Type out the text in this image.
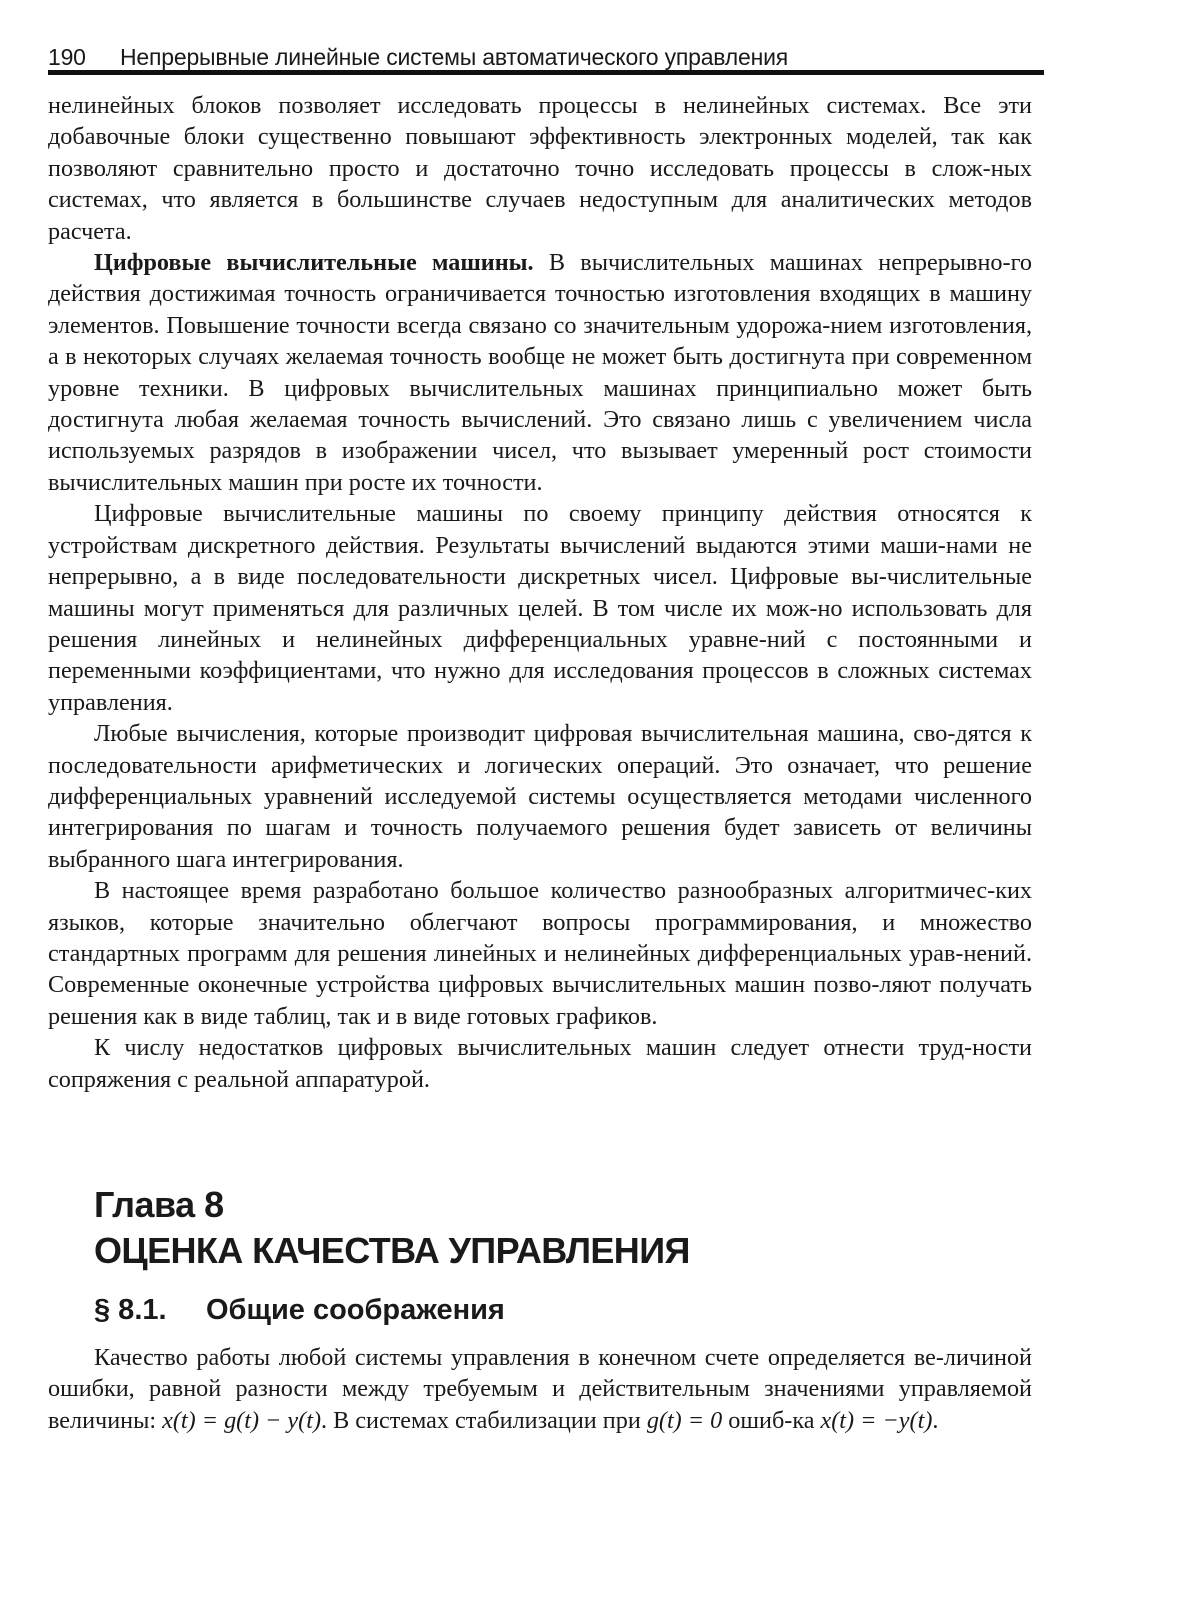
190 Непрерывные линейные системы автоматического управления

нелинейных блоков позволяет исследовать процессы в нелинейных системах. Все эти добавочные блоки существенно повышают эффективность электронных моделей, так как позволяют сравнительно просто и достаточно точно исследовать процессы в слож-ных системах, что является в большинстве случаев недоступным для аналитических методов расчета.

Цифровые вычислительные машины. В вычислительных машинах непрерывно-го действия достижимая точность ограничивается точностью изготовления входящих в машину элементов. Повышение точности всегда связано со значительным удорожа-нием изготовления, а в некоторых случаях желаемая точность вообще не может быть достигнута при современном уровне техники. В цифровых вычислительных машинах принципиально может быть достигнута любая желаемая точность вычислений. Это связано лишь с увеличением числа используемых разрядов в изображении чисел, что вызывает умеренный рост стоимости вычислительных машин при росте их точности.

Цифровые вычислительные машины по своему принципу действия относятся к устройствам дискретного действия. Результаты вычислений выдаются этими маши-нами не непрерывно, а в виде последовательности дискретных чисел. Цифровые вы-числительные машины могут применяться для различных целей. В том числе их мож-но использовать для решения линейных и нелинейных дифференциальных уравне-ний с постоянными и переменными коэффициентами, что нужно для исследования процессов в сложных системах управления.

Любые вычисления, которые производит цифровая вычислительная машина, сво-дятся к последовательности арифметических и логических операций. Это означает, что решение дифференциальных уравнений исследуемой системы осуществляется методами численного интегрирования по шагам и точность получаемого решения будет зависеть от величины выбранного шага интегрирования.

В настоящее время разработано большое количество разнообразных алгоритмичес-ких языков, которые значительно облегчают вопросы программирования, и множество стандартных программ для решения линейных и нелинейных дифференциальных урав-нений. Современные оконечные устройства цифровых вычислительных машин позво-ляют получать решения как в виде таблиц, так и в виде готовых графиков.

К числу недостатков цифровых вычислительных машин следует отнести труд-ности сопряжения с реальной аппаратурой.

Глава 8
ОЦЕНКА КАЧЕСТВА УПРАВЛЕНИЯ
§ 8.1. Общие соображения

Качество работы любой системы управления в конечном счете определяется ве-личиной ошибки, равной разности между требуемым и действительным значениями управляемой величины: x(t) = g(t) − y(t). В системах стабилизации при g(t) = 0 ошиб-ка x(t) = −y(t).
